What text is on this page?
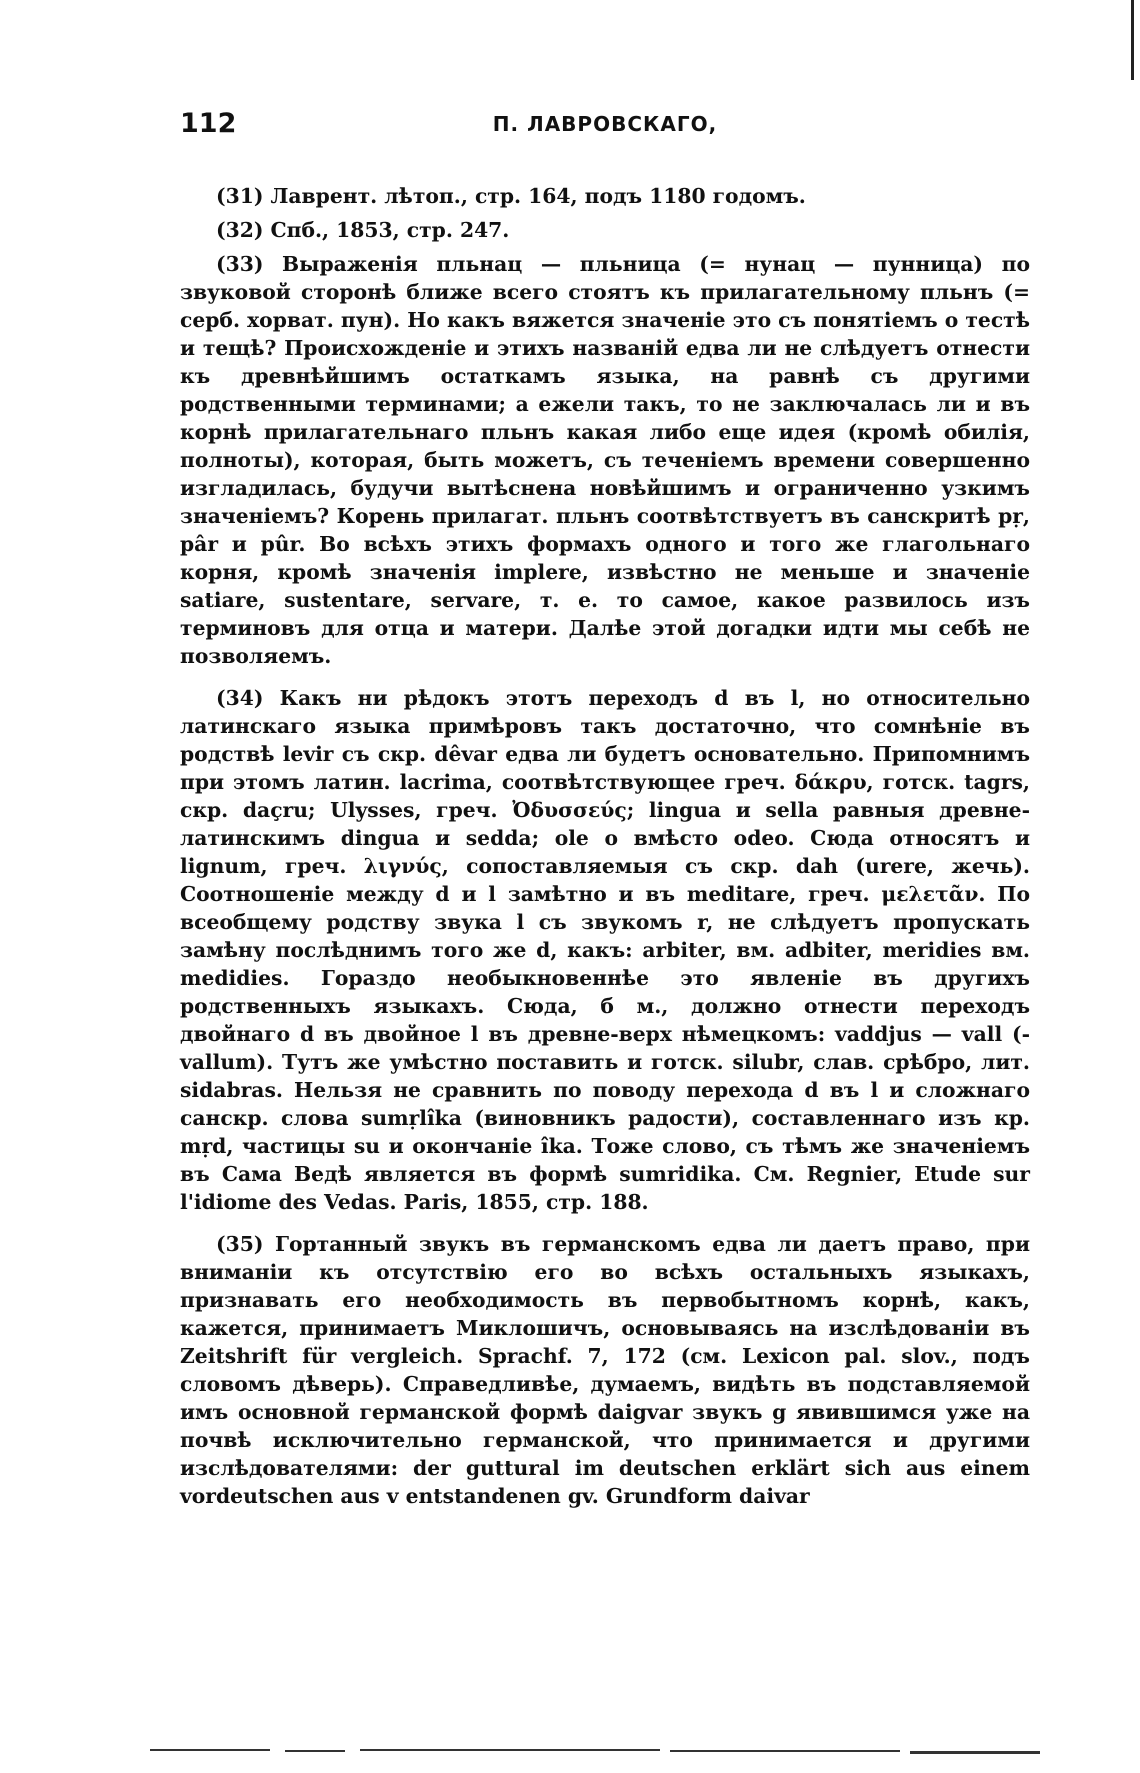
112	П. ЛАВРОВСКАГО,

(31) Лаврент. лѣтоп., стр. 164, подъ 1180 годомъ.

(32) Спб., 1853, стр. 247.

(33) Выраженія пльнац — пльница (= нунац — пунница) по звуковой сторонѣ ближе всего стоятъ къ прилагательному пльнъ (= серб. хорват. пун). Но какъ вяжется значеніе это съ понятіемъ о тестѣ и тещѣ? Происхожденіе и этихъ названій едва ли не слѣдуетъ отнести къ древнѣйшимъ остаткамъ языка, на равнѣ съ другими родственными терминами; а ежели такъ, то не заключалась ли и въ корнѣ прилагательнаго пльнъ какая либо еще идея (кромѣ обилія, полноты), которая, быть можетъ, съ теченіемъ времени совершенно изгладилась, будучи вытѣснена новѣйшимъ и ограниченно узкимъ значеніемъ? Корень прилагат. пльнъ соотвѣтствуетъ въ санскритѣ pṛ, pâr и pûr. Во всѣхъ этихъ формахъ одного и того же глагольнаго корня, кромѣ значенія implere, извѣстно не меньше и значеніе satiare, sustentare, servare, т. е. то самое, какое развилось изъ терминовъ для отца и матери. Далѣе этой догадки идти мы себѣ не позволяемъ.

(34) Какъ ни рѣдокъ этотъ переходъ d въ l, но относительно латинскаго языка примѣровъ такъ достаточно, что сомнѣніе въ родствѣ levir съ скр. dêvar едва ли будетъ основательно. Припомнимъ при этомъ латин. lacrima, соотвѣтствующее греч. δάκρυ, готск. tagrs, скр. daçru; Ulysses, греч. Ὀδυσσεύς; lingua и sella равныя древне-латинскимъ dingua и sedda; ole о вмѣсто odeo. Сюда относятъ и lignum, греч. λιγνύς, сопоставляемыя съ скр. dah (urere, жечь). Соотношеніе между d и l замѣтно и въ meditare, греч. μελετᾶν. По всеобщему родству звука l съ звукомъ r, не слѣдуетъ пропускать замѣну послѣднимъ того же d, какъ: arbiter, вм. adbiter, meridies вм. medidies. Гораздо необыкновеннѣе это явленіе въ другихъ родственныхъ языкахъ. Сюда, б м., должно отнести переходъ двойнаго d въ двойное l въ древне-верх нѣмецкомъ: vaddjus — vall (-vallum). Тутъ же умѣстно поставить и готск. silubr, слав. срѣбро, лит. sidabras. Нельзя не сравнить по поводу перехода d въ l и сложнаго санскр. слова sumṛlîka (виновникъ радости), составленнаго изъ кр. mṛd, частицы su и окончаніе îka. Тоже слово, съ тѣмъ же значеніемъ въ Сама Ведѣ является въ формѣ sumridika. См. Regnier, Etude sur l'idiome des Vedas. Paris, 1855, стр. 188.

(35) Гортанный звукъ въ германскомъ едва ли даетъ право, при вниманіи къ отсутствію его во всѣхъ остальныхъ языкахъ, признавать его необходимость въ первобытномъ корнѣ, какъ, кажется, принимаетъ Миклошичъ, основываясь на изслѣдованіи въ Zeitshrift für vergleich. Sprachf. 7, 172 (см. Lexicon pal. slov., подъ словомъ дѣверь). Справедливѣе, думаемъ, видѣть въ подставляемой имъ основной германской формѣ daigvar звукъ g явившимся уже на почвѣ исключительно германской, что принимается и другими изслѣдователями: der guttural im deutschen erklärt sich aus einem vordeutschen aus v entstandenen gv. Grundform daivar
